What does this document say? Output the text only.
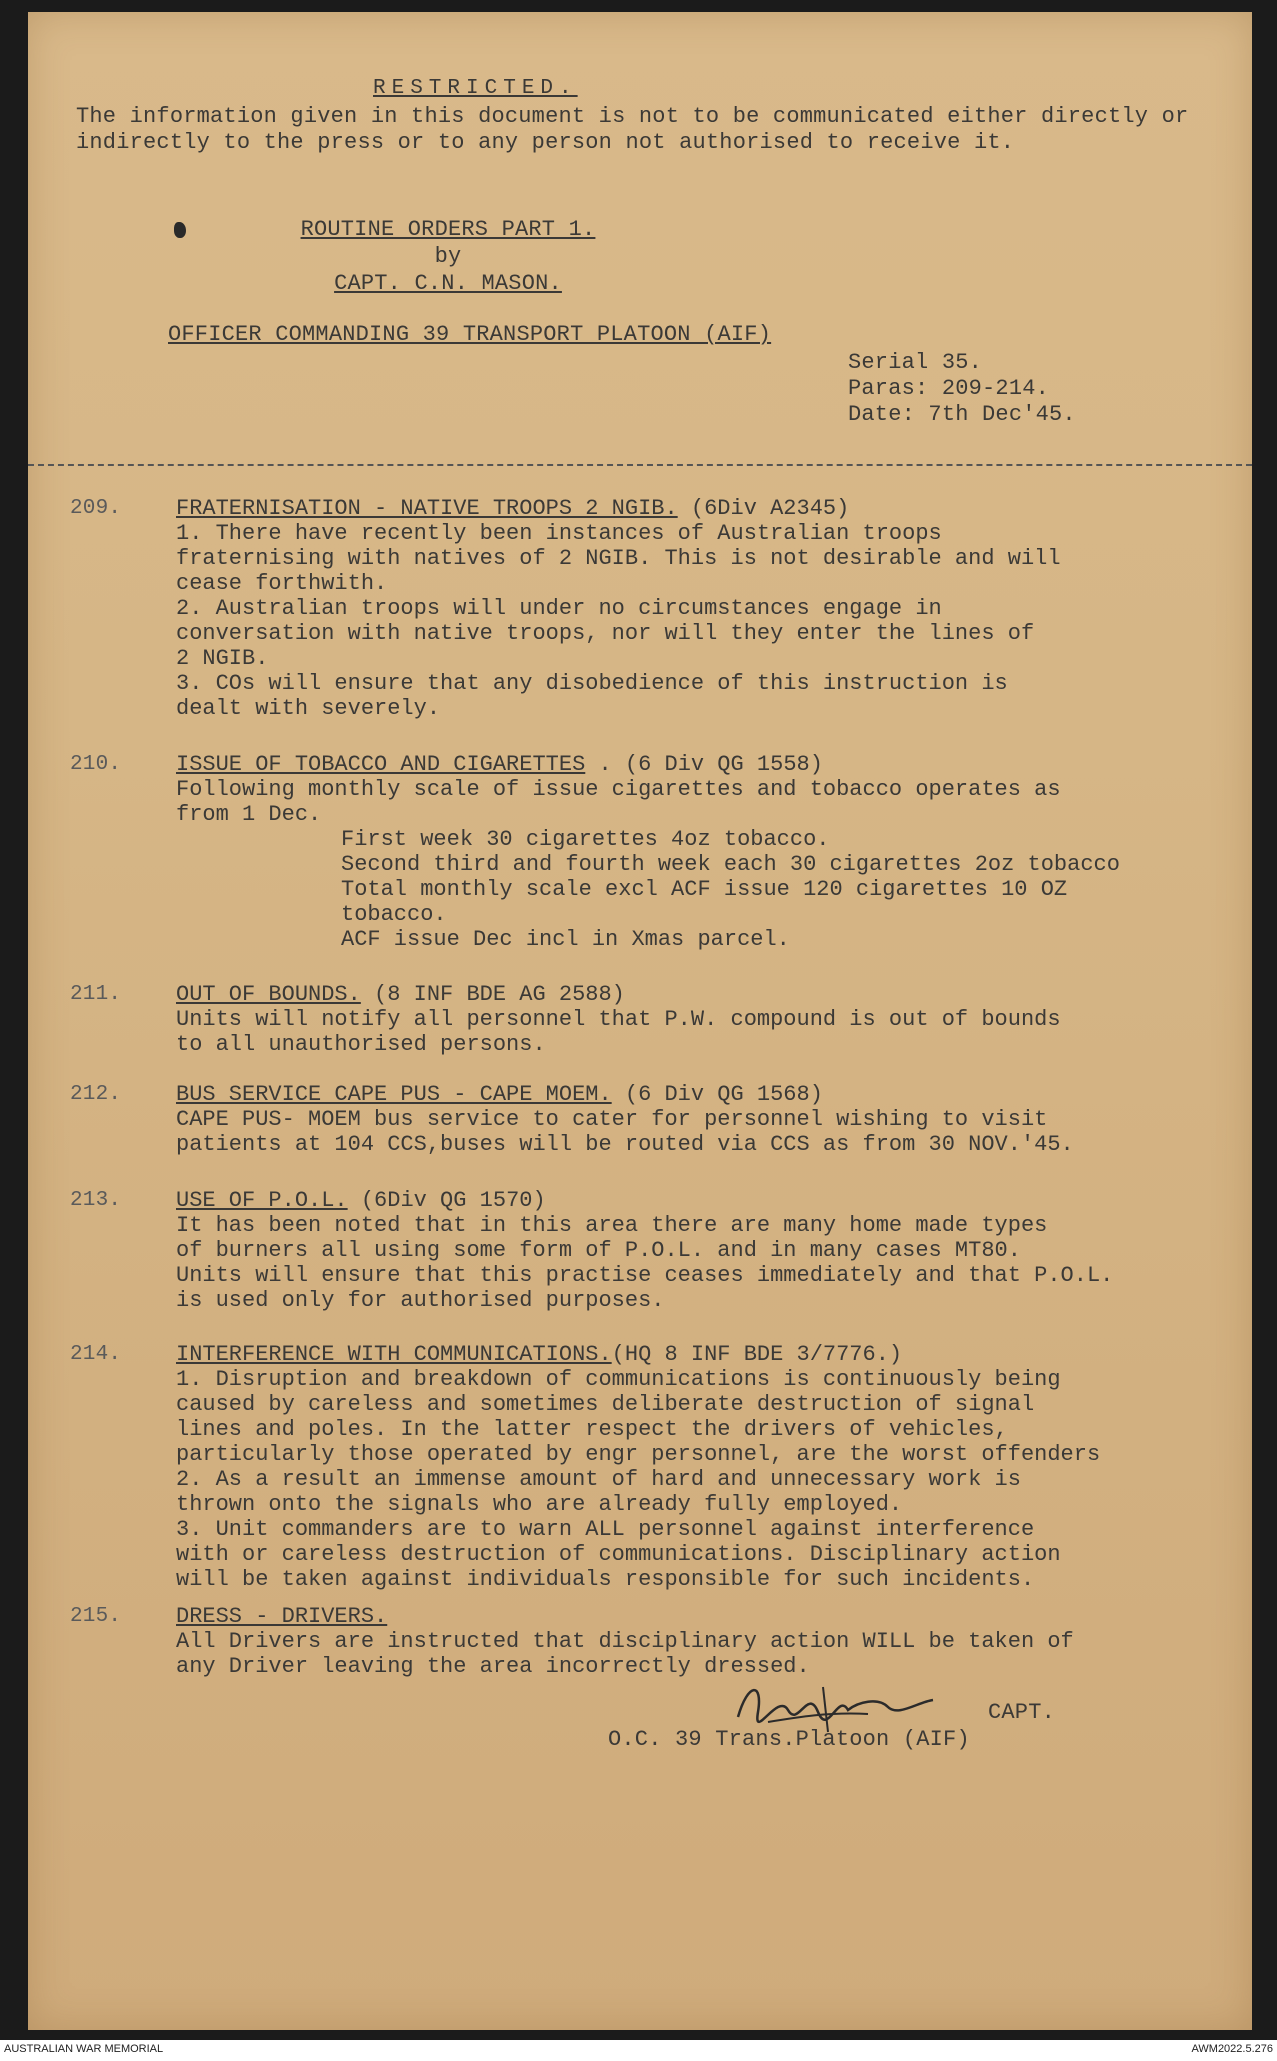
RESTRICTED.
The information given in this document is not to be communicated either directly or indirectly to the press or to any person not authorised to receive it.
ROUTINE ORDERS PART 1.
by
CAPT. C.N. MASON.
OFFICER COMMANDING 39 TRANSPORT PLATOON (AIF)
Serial 35.
Paras: 209-214.
Date: 7th Dec'45.
209. FRATERNISATION - NATIVE TROOPS 2 NGIB. (6Div A2345)
1. There have recently been instances of Australian troops
fraternising with natives of 2 NGIB. This is not desirable and will
cease forthwith.
2. Australian troops will under no circumstances engage in
conversation with native troops, nor will they enter the lines of
2 NGIB.
3. COs will ensure that any disobedience of this instruction is
dealt with severely.
210. ISSUE OF TOBACCO AND CIGARETTES . (6 Div QG 1558)
Following monthly scale of issue cigarettes and tobacco operates as
from 1 Dec.
First week 30 cigarettes 4oz tobacco.
Second third and fourth week each 30 cigarettes 2oz tobacco
Total monthly scale excl ACF issue 120 cigarettes 10 OZ
tobacco.
ACF issue Dec incl in Xmas parcel.
211. OUT OF BOUNDS. (8 INF BDE AG 2588)
Units will notify all personnel that P.W. compound is out of bounds
to all unauthorised persons.
212. BUS SERVICE CAPE PUS - CAPE MOEM. (6 Div QG 1568)
CAPE PUS- MOEM bus service to cater for personnel wishing to visit
patients at 104 CCS,buses will be routed via CCS as from 30 NOV.'45.
213. USE OF P.O.L. (6Div QG 1570)
It has been noted that in this area there are many home made types
of burners all using some form of P.O.L. and in many cases MT80.
Units will ensure that this practise ceases immediately and that P.O.L.
is used only for authorised purposes.
214. INTERFERENCE WITH COMMUNICATIONS.(HQ 8 INF BDE 3/7776.)
1. Disruption and breakdown of communications is continuously being
caused by careless and sometimes deliberate destruction of signal
lines and poles. In the latter respect the drivers of vehicles,
particularly those operated by engr personnel, are the worst offenders
2. As a result an immense amount of hard and unnecessary work is
thrown onto the signals who are already fully employed.
3. Unit commanders are to warn ALL personnel against interference
with or careless destruction of communications. Disciplinary action
will be taken against individuals responsible for such incidents.
215. DRESS - DRIVERS.
All Drivers are instructed that disciplinary action WILL be taken of
any Driver leaving the area incorrectly dressed.
CAPT.
O.C. 39 Trans.Platoon (AIF)
AUSTRALIAN WAR MEMORIAL	AWM2022.5.276
